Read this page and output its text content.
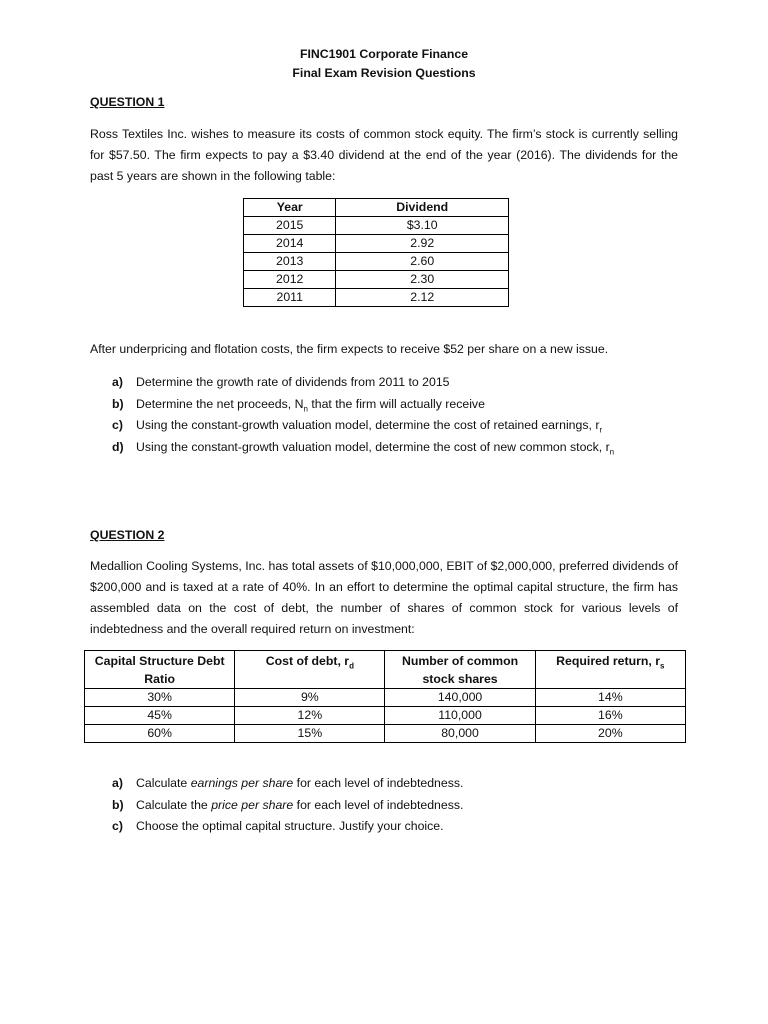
FINC1901 Corporate Finance
Final Exam Revision Questions
QUESTION 1
Ross Textiles Inc. wishes to measure its costs of common stock equity. The firm’s stock is currently selling for $57.50. The firm expects to pay a $3.40 dividend at the end of the year (2016). The dividends for the past 5 years are shown in the following table:
Year	Dividend
2015	$3.10
2014	2.92
2013	2.60
2012	2.30
2011	2.12
After underpricing and flotation costs, the firm expects to receive $52 per share on a new issue.
a) Determine the growth rate of dividends from 2011 to 2015
b) Determine the net proceeds, $N_n$ that the firm will actually receive
c) Using the constant-growth valuation model, determine the cost of retained earnings, $r_r$
d) Using the constant-growth valuation model, determine the cost of new common stock, $r_n$
QUESTION 2
Medallion Cooling Systems, Inc. has total assets of $10,000,000, EBIT of $2,000,000, preferred dividends of $200,000 and is taxed at a rate of 40%. In an effort to determine the optimal capital structure, the firm has assembled data on the cost of debt, the number of shares of common stock for various levels of indebtedness and the overall required return on investment:
Capital Structure Debt Ratio	Cost of debt, $r_d$	Number of common stock shares	Required return, $r_s$
30%	9%	140,000	14%
45%	12%	110,000	16%
60%	15%	80,000	20%
a) Calculate earnings per share for each level of indebtedness.
b) Calculate the price per share for each level of indebtedness.
c) Choose the optimal capital structure. Justify your choice.
